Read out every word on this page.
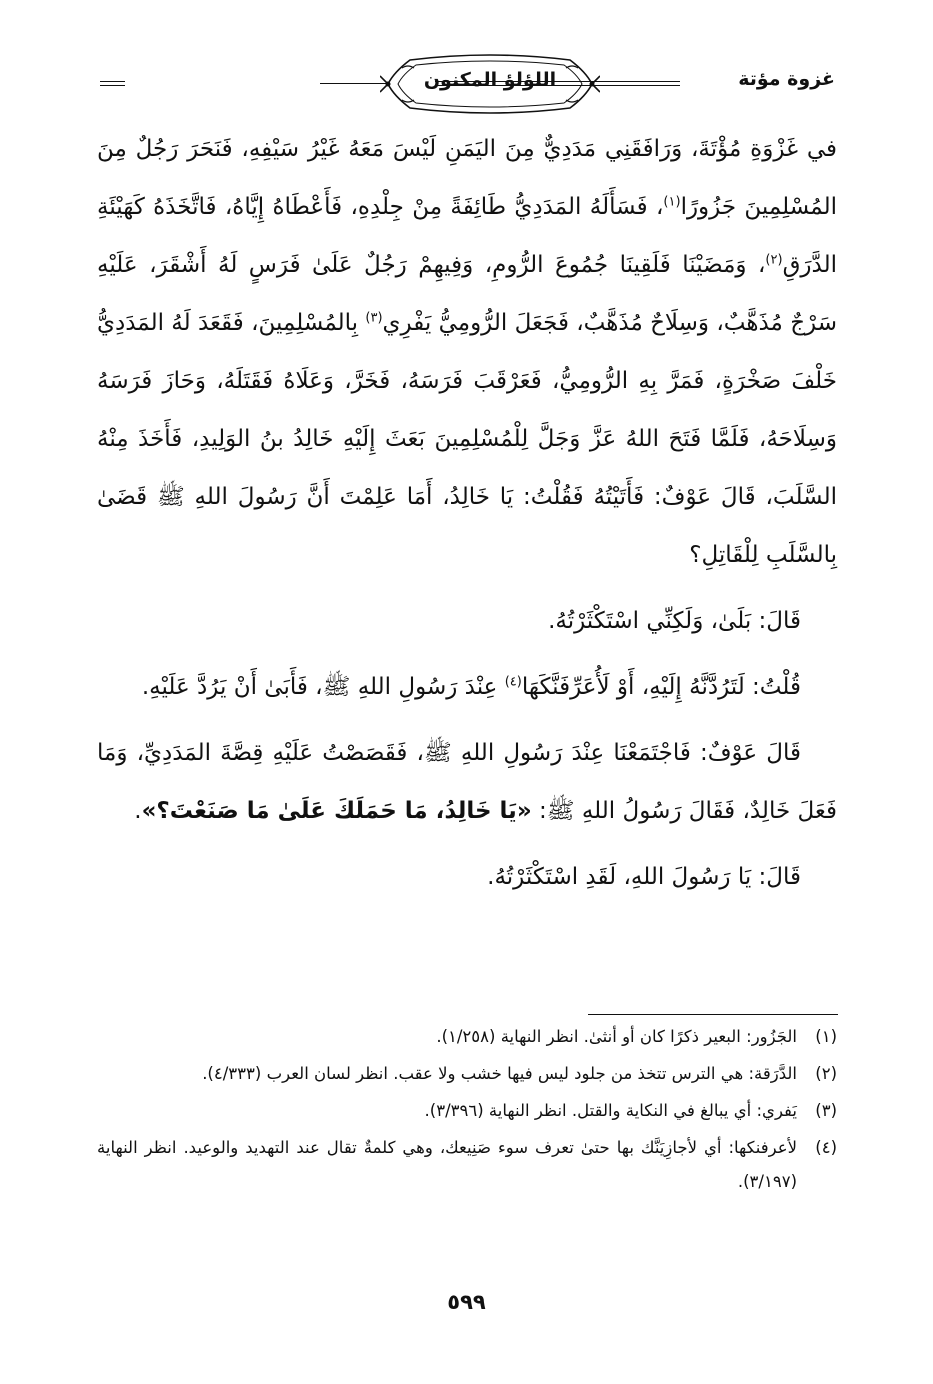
غزوة مؤتة
اللؤلؤ المكنون

في غَزْوَةِ مُؤْتَةَ، وَرَافَقَنِي مَدَدِيٌّ مِنَ اليَمَنِ لَيْسَ مَعَهُ غَيْرُ سَيْفِهِ، فَنَحَرَ رَجُلٌ مِنَ المُسْلِمِينَ جَزُورًا$^{(١)}$، فَسَأَلَهُ المَدَدِيُّ طَائِفَةً مِنْ جِلْدِهِ، فَأَعْطَاهُ إِيَّاهُ، فَاتَّخَذَهُ كَهَيْئَةِ الدَّرَقِ$^{(٢)}$، وَمَضَيْنَا فَلَقِينَا جُمُوعَ الرُّومِ، وَفِيهِمْ رَجُلٌ عَلَىٰ فَرَسٍ لَهُ أَشْقَرَ، عَلَيْهِ سَرْجٌ مُذَهَّبٌ، وَسِلَاحٌ مُذَهَّبٌ، فَجَعَلَ الرُّومِيُّ يَفْرِي$^{(٣)}$ بِالمُسْلِمِينَ، فَقَعَدَ لَهُ المَدَدِيُّ خَلْفَ صَخْرَةٍ، فَمَرَّ بِهِ الرُّومِيُّ، فَعَرْقَبَ فَرَسَهُ، فَخَرَّ، وَعَلَاهُ فَقَتَلَهُ، وَحَازَ فَرَسَهُ وَسِلَاحَهُ، فَلَمَّا فَتَحَ اللهُ عَزَّ وَجَلَّ لِلْمُسْلِمِينَ بَعَثَ إِلَيْهِ خَالِدُ بنُ الوَلِيدِ، فَأَخَذَ مِنْهُ السَّلَبَ، قَالَ عَوْفٌ: فَأَتَيْتُهُ فَقُلْتُ: يَا خَالِدُ، أَمَا عَلِمْتَ أَنَّ رَسُولَ اللهِ ﷺ قَضَىٰ بِالسَّلَبِ لِلْقَاتِلِ؟

قَالَ: بَلَىٰ، وَلَكِنِّي اسْتَكْثَرْتُهُ.

قُلْتُ: لَتَرُدَّنَّهُ إِلَيْهِ، أَوْ لَأُعَرِّفَنَّكَهَا$^{(٤)}$ عِنْدَ رَسُولِ اللهِ ﷺ، فَأَبَىٰ أَنْ يَرُدَّ عَلَيْهِ.

قَالَ عَوْفٌ: فَاجْتَمَعْنَا عِنْدَ رَسُولِ اللهِ ﷺ، فَقَصَصْتُ عَلَيْهِ قِصَّةَ المَدَدِيِّ، وَمَا فَعَلَ خَالِدٌ، فَقَالَ رَسُولُ اللهِ ﷺ: «يَا خَالِدُ، مَا حَمَلَكَ عَلَىٰ مَا صَنَعْتَ؟».

قَالَ: يَا رَسُولَ اللهِ، لَقَدِ اسْتَكْثَرْتُهُ.

(١)
الجَزُور: البعير ذكرًا كان أو أنثىٰ. انظر النهاية (١/٢٥٨).
(٢)
الدَّرَقة: هي الترس تتخذ من جلود ليس فيها خشب ولا عقب. انظر لسان العرب (٤/٣٣٣).
(٣)
يَفري: أي يبالغ في النكاية والقتل. انظر النهاية (٣/٣٩٦).
(٤)
لأعرفنكها: أي لأجازِيَنَّك بها حتىٰ تعرف سوء صَنِيعك، وهي كلمةٌ تقال عند التهديد والوعيد. انظر النهاية (٣/١٩٧).
٥٩٩
